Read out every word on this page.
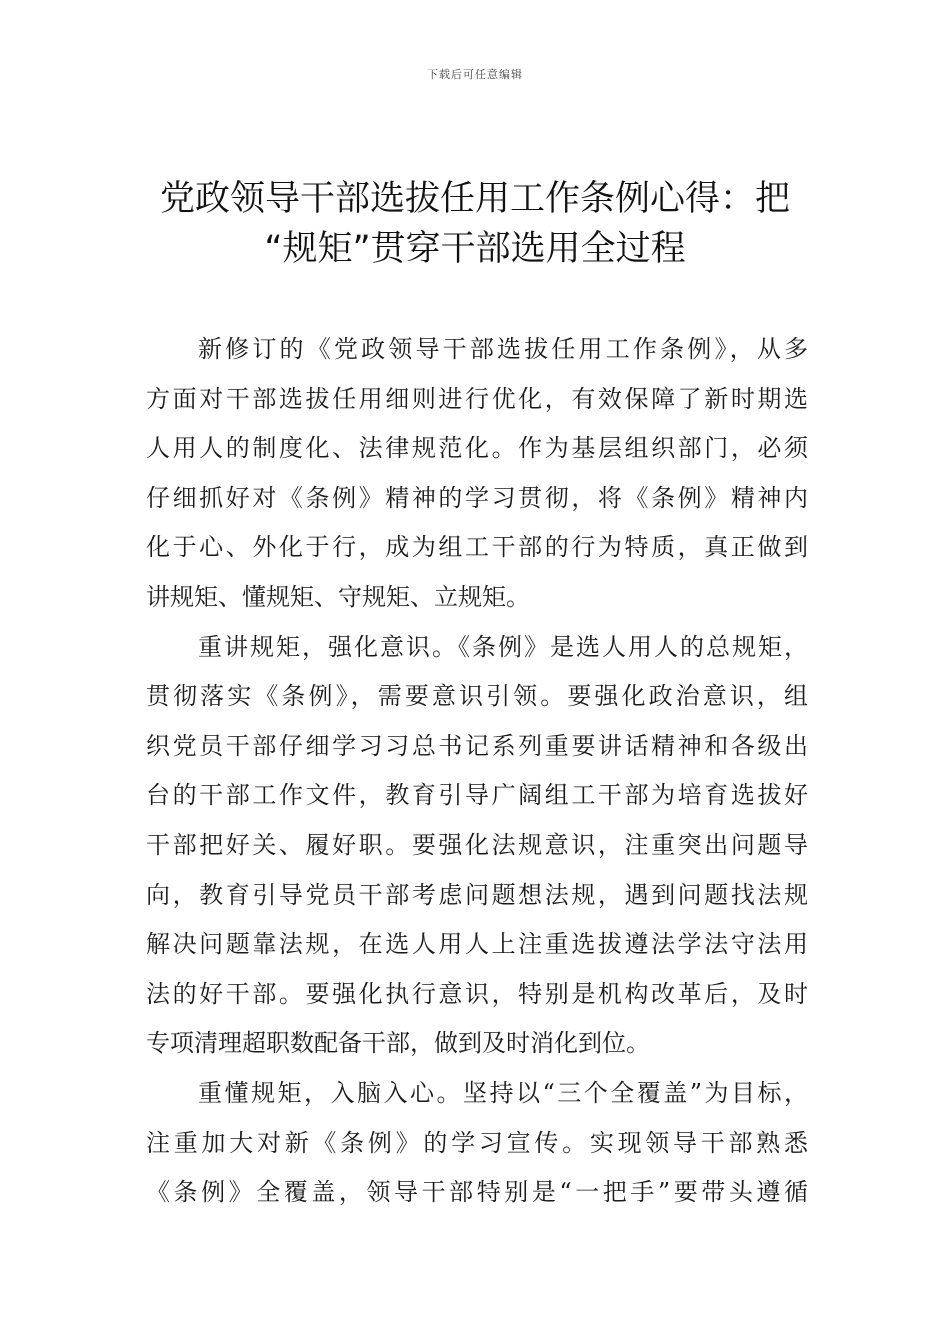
下载后可任意编辑
党政领导干部选拔任用工作条例心得：把
“规矩”贯穿干部选用全过程
新修订的《党政领导干部选拔任用工作条例》，从多
方面对干部选拔任用细则进行优化，有效保障了新时期选
人用人的制度化、法律规范化。作为基层组织部门，必须
仔细抓好对《条例》精神的学习贯彻，将《条例》精神内
化于心、外化于行，成为组工干部的行为特质，真正做到
讲规矩、懂规矩、守规矩、立规矩。
重讲规矩，强化意识。《条例》是选人用人的总规矩，
贯彻落实《条例》，需要意识引领。要强化政治意识，组
织党员干部仔细学习习总书记系列重要讲话精神和各级出
台的干部工作文件，教育引导广阔组工干部为培育选拔好
干部把好关、履好职。要强化法规意识，注重突出问题导
向，教育引导党员干部考虑问题想法规，遇到问题找法规
解决问题靠法规，在选人用人上注重选拔遵法学法守法用
法的好干部。要强化执行意识，特别是机构改革后，及时
专项清理超职数配备干部，做到及时消化到位。
重懂规矩，入脑入心。坚持以“三个全覆盖”为目标，
注重加大对新《条例》的学习宣传。实现领导干部熟悉
《条例》全覆盖，领导干部特别是“一把手”要带头遵循
